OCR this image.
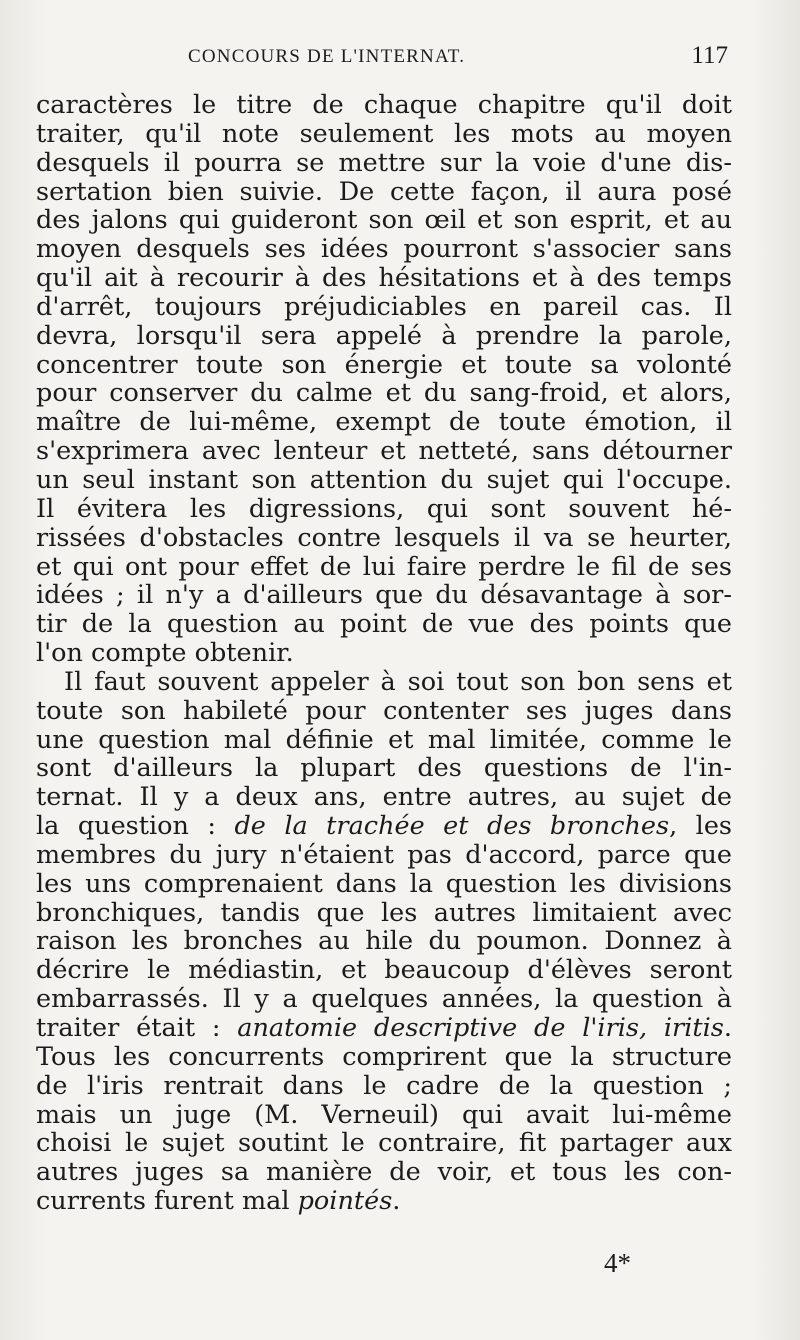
CONCOURS DE L'INTERNAT.	117
caractères le titre de chaque chapitre qu'il doit
traiter, qu'il note seulement les mots au moyen
desquels il pourra se mettre sur la voie d'une dis-
sertation bien suivie. De cette façon, il aura posé
des jalons qui guideront son œil et son esprit, et au
moyen desquels ses idées pourront s'associer sans
qu'il ait à recourir à des hésitations et à des temps
d'arrêt, toujours préjudiciables en pareil cas. Il
devra, lorsqu'il sera appelé à prendre la parole,
concentrer toute son énergie et toute sa volonté
pour conserver du calme et du sang-froid, et alors,
maître de lui-même, exempt de toute émotion, il
s'exprimera avec lenteur et netteté, sans détourner
un seul instant son attention du sujet qui l'occupe.
Il évitera les digressions, qui sont souvent hé-
rissées d'obstacles contre lesquels il va se heurter,
et qui ont pour effet de lui faire perdre le fil de ses
idées ; il n'y a d'ailleurs que du désavantage à sor-
tir de la question au point de vue des points que
l'on compte obtenir.
Il faut souvent appeler à soi tout son bon sens et
toute son habileté pour contenter ses juges dans
une question mal définie et mal limitée, comme le
sont d'ailleurs la plupart des questions de l'in-
ternat. Il y a deux ans, entre autres, au sujet de
la question : de la trachée et des bronches, les
membres du jury n'étaient pas d'accord, parce que
les uns comprenaient dans la question les divisions
bronchiques, tandis que les autres limitaient avec
raison les bronches au hile du poumon. Donnez à
décrire le médiastin, et beaucoup d'élèves seront
embarrassés. Il y a quelques années, la question à
traiter était : anatomie descriptive de l'iris, iritis.
Tous les concurrents comprirent que la structure
de l'iris rentrait dans le cadre de la question ;
mais un juge (M. Verneuil) qui avait lui-même
choisi le sujet soutint le contraire, fit partager aux
autres juges sa manière de voir, et tous les con-
currents furent mal pointés.
4*
